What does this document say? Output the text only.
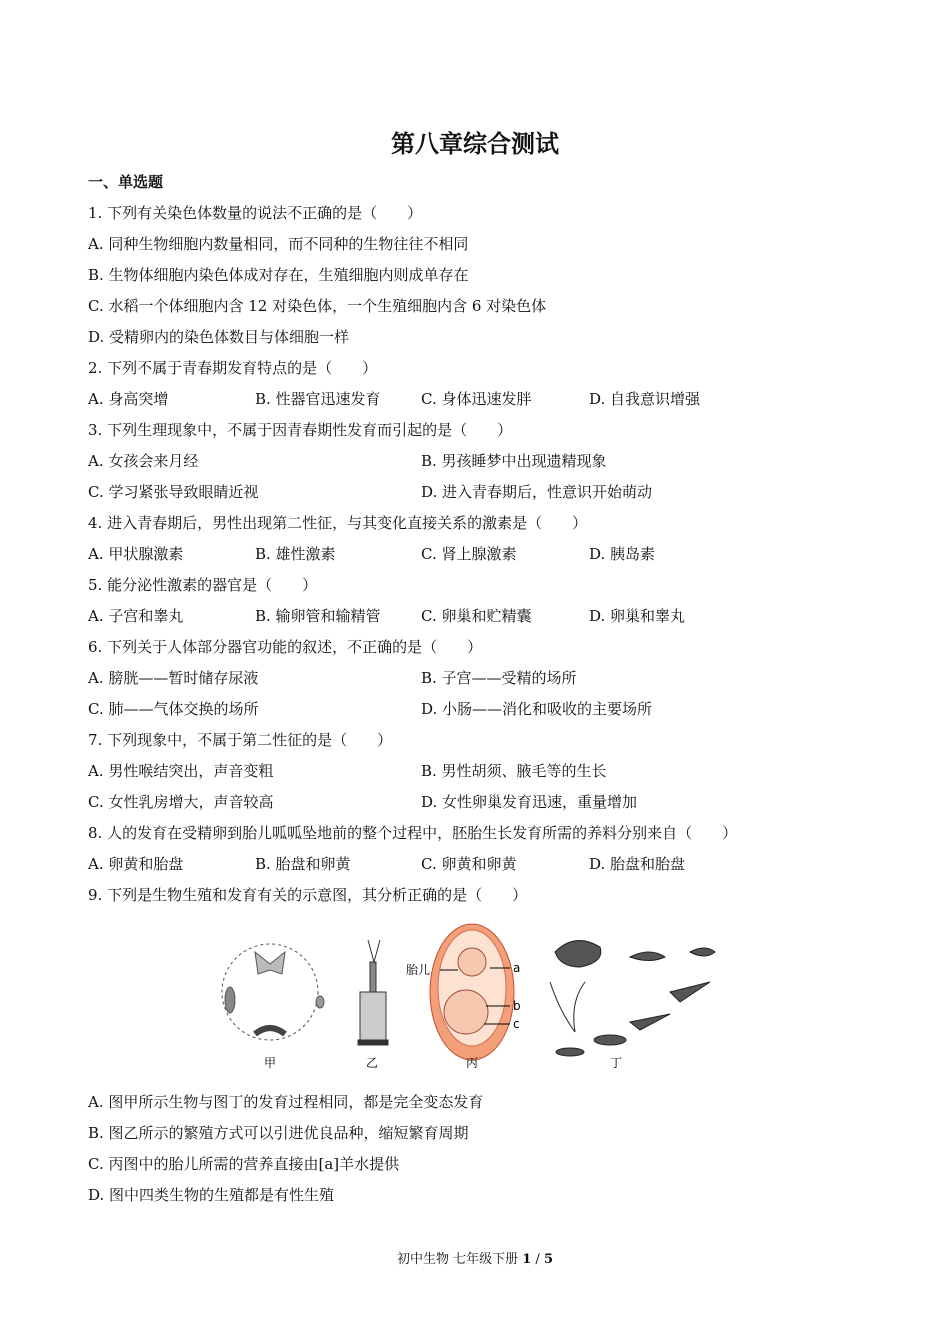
第八章综合测试
一、单选题
1. 下列有关染色体数量的说法不正确的是（　　）
A. 同种生物细胞内数量相同，而不同种的生物往往不相同
B. 生物体细胞内染色体成对存在，生殖细胞内则成单存在
C. 水稻一个体细胞内含 12 对染色体，一个生殖细胞内含 6 对染色体
D. 受精卵内的染色体数目与体细胞一样
2. 下列不属于青春期发育特点的是（　　）
A. 身高突增	B. 性器官迅速发育	C. 身体迅速发胖	D. 自我意识增强
3. 下列生理现象中，不属于因青春期性发育而引起的是（　　）
A. 女孩会来月经	B. 男孩睡梦中出现遗精现象
C. 学习紧张导致眼睛近视	D. 进入青春期后，性意识开始萌动
4. 进入青春期后，男性出现第二性征，与其变化直接关系的激素是（　　）
A. 甲状腺激素	B. 雄性激素	C. 肾上腺激素	D. 胰岛素
5. 能分泌性激素的器官是（　　）
A. 子宫和睾丸	B. 输卵管和输精管	C. 卵巢和贮精囊	D. 卵巢和睾丸
6. 下列关于人体部分器官功能的叙述，不正确的是（　　）
A. 膀胱——暂时储存尿液	B. 子宫——受精的场所
C. 肺——气体交换的场所	D. 小肠——消化和吸收的主要场所
7. 下列现象中，不属于第二性征的是（　　）
A. 男性喉结突出，声音变粗	B. 男性胡须、腋毛等的生长
C. 女性乳房增大，声音较高	D. 女性卵巢发育迅速，重量增加
8. 人的发育在受精卵到胎儿呱呱坠地前的整个过程中，胚胎生长发育所需的养料分别来自（　　）
A. 卵黄和胎盘	B. 胎盘和卵黄	C. 卵黄和卵黄	D. 胎盘和胎盘
9. 下列是生物生殖和发育有关的示意图，其分析正确的是（　　）
胎儿	a
b
c
甲	乙	丙	丁
A. 图甲所示生物与图丁的发育过程相同，都是完全变态发育
B. 图乙所示的繁殖方式可以引进优良品种，缩短繁育周期
C. 丙图中的胎儿所需的营养直接由[a]羊水提供
D. 图中四类生物的生殖都是有性生殖
初中生物 七年级下册 1 / 5
